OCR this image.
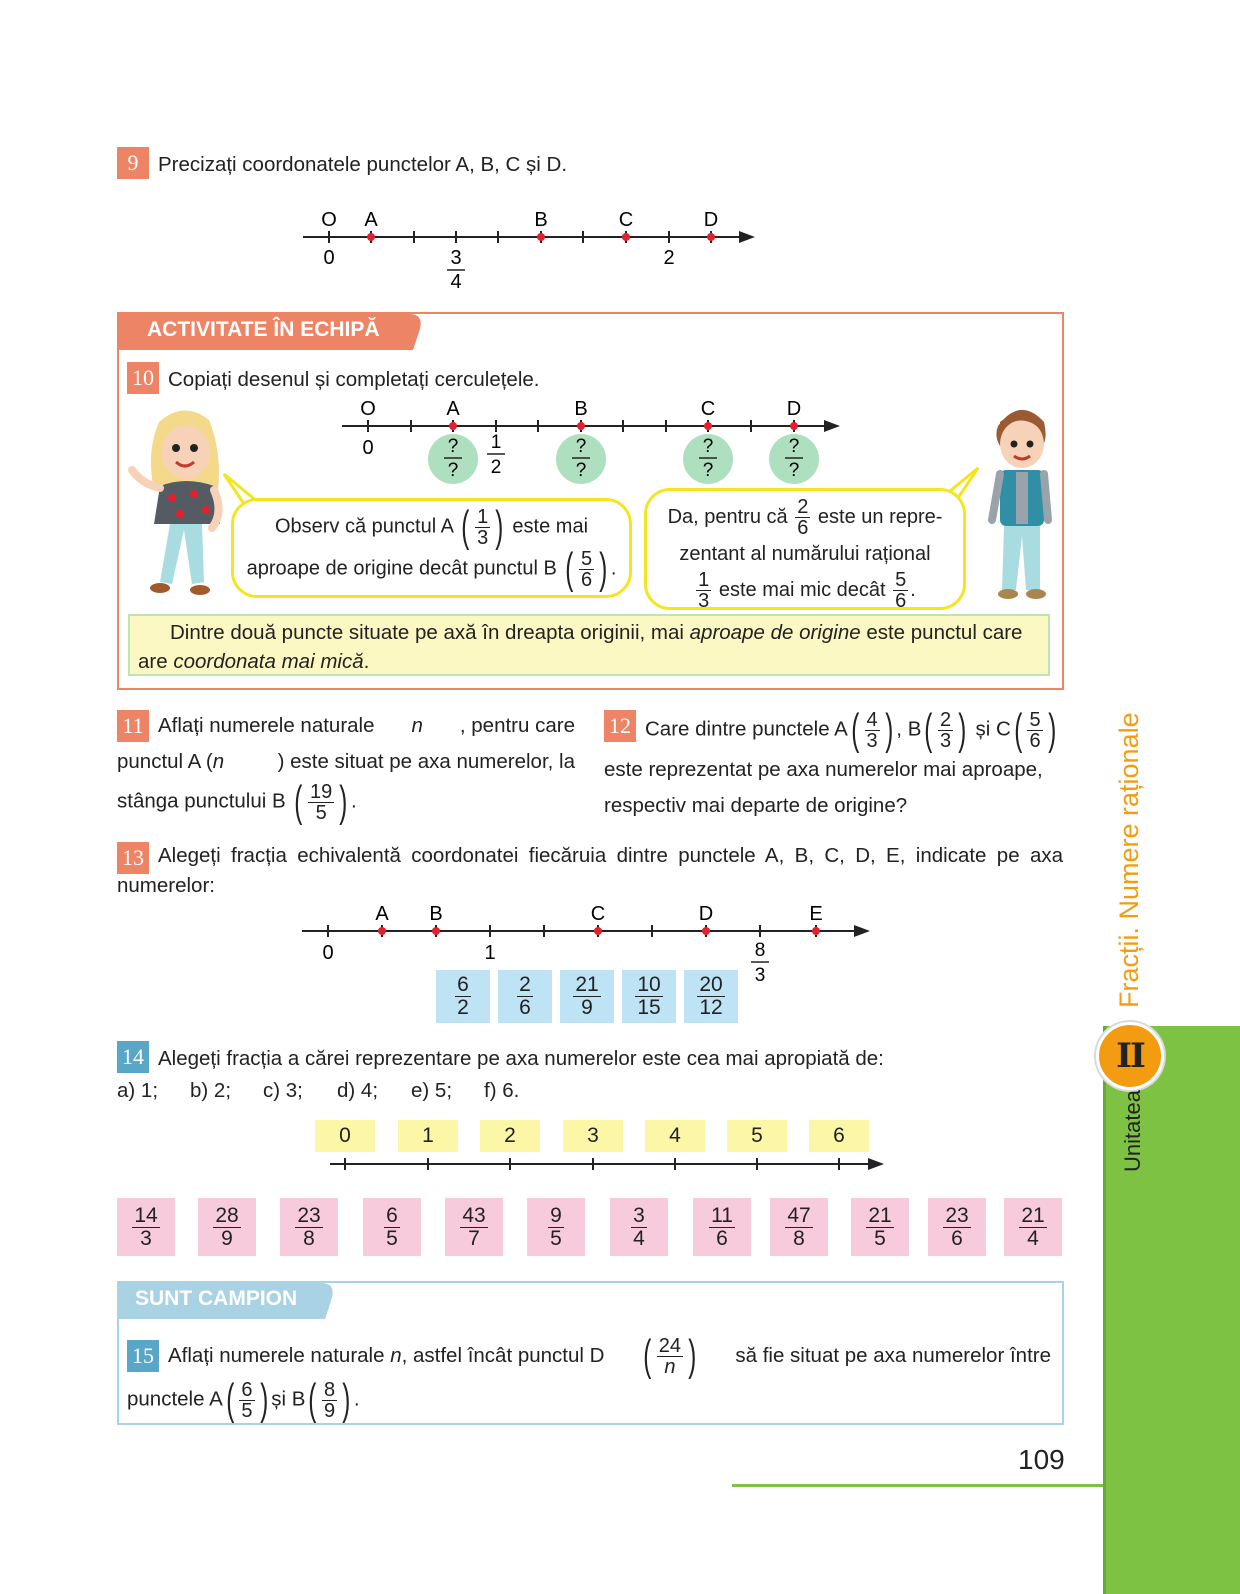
9 Precizați coordonatele punctelor A, B, C și D.
O A	B	C	D
0	2
3
4
ACTIVITATE ÎN ECHIPĂ
10 Copiați desenul și completați cerculețele.
O	A	B	C	D
0	1
2
?
?
?
?
?
?
?
?
Observ că punctul A ( $\frac{1}{3}$ ) este mai
aproape de origine decât punctul B ( $\frac{5}{6}$ ) .
Da, pentru că $\frac{2}{6}$ este un repre-
zentant al numărului rațional
$\frac{1}{3}$ este mai mic decât $\frac{5}{6}$ .
Dintre două puncte situate pe axă în dreapta originii, mai aproape de origine este punctul care
are coordonata mai mică.
11 Aflați numerele naturale n , pentru care
punctul A (n	) este situat pe axa numerelor, la
stânga punctului B ( $\frac{19}{5}$ ) .
12 Care dintre punctele A ( $\frac{4}{3}$ ) , B ( $\frac{2}{3}$ ) și C ( $\frac{5}{6}$ )
este reprezentat pe axa numerelor mai aproape,
respectiv mai departe de origine?
13 Alegeți fracția echivalentă coordonatei fiecăruia dintre punctele A, B, C, D, E, indicate pe axa
numerelor:
A B	C	D	E
0	1	8
3
$\frac{6}{2} \frac{2}{6} \frac{21}{9} \frac{10}{15} \frac{20}{12}$
14 Alegeți fracția a cărei reprezentare pe axa numerelor este cea mai apropiată de:
a) 1;	b) 2;	c) 3;	d) 4;	e) 5;	f) 6.
0	1	2	3	4	5	6
$\frac{14}{3}$	$\frac{28}{9}$	$\frac{23}{8}$	$\frac{6}{5}$	$\frac{43}{7}$	$\frac{9}{5}$	$\frac{3}{4}$	$\frac{11}{6} \frac{47}{8}$	$\frac{21}{5} \frac{23}{6} \frac{21}{4}$
SUNT CAMPION
15 Aflați numerele naturale n, astfel încât punctul D ( $\frac{24}{n}$ ) să fie situat pe axa numerelor între
punctele A ( $\frac{6}{5}$ ) și B ( $\frac{8}{9}$ ) .
109
II
Unitatea
Fracții. Numere raționale
